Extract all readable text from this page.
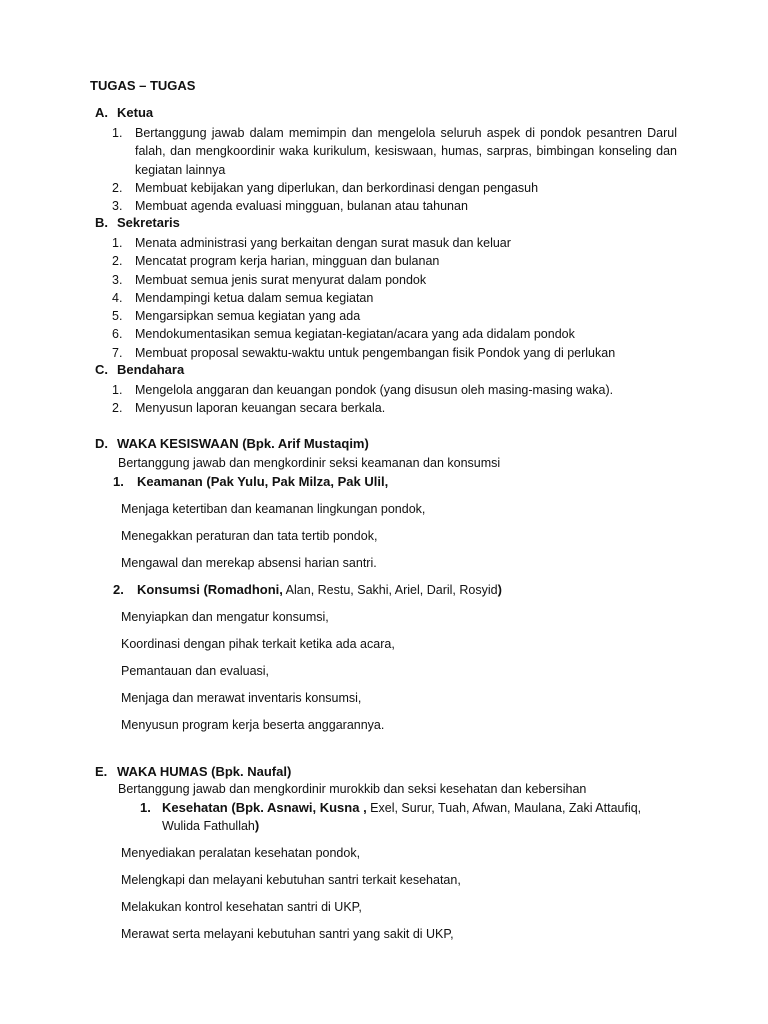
TUGAS – TUGAS
A. Ketua
1. Bertanggung jawab dalam memimpin dan mengelola seluruh aspek di pondok pesantren Darul falah, dan mengkoordinir waka kurikulum, kesiswaan, humas, sarpras, bimbingan konseling dan kegiatan lainnya
2. Membuat kebijakan yang diperlukan, dan berkordinasi dengan pengasuh
3. Membuat agenda evaluasi mingguan, bulanan atau tahunan
B. Sekretaris
1. Menata administrasi yang berkaitan dengan surat masuk dan keluar
2. Mencatat program kerja harian, mingguan dan bulanan
3. Membuat semua jenis surat menyurat dalam pondok
4. Mendampingi ketua dalam semua kegiatan
5. Mengarsipkan semua kegiatan yang ada
6. Mendokumentasikan semua kegiatan-kegiatan/acara yang ada didalam pondok
7. Membuat proposal sewaktu-waktu untuk pengembangan fisik Pondok yang di perlukan
C. Bendahara
1. Mengelola anggaran dan keuangan pondok (yang disusun oleh masing-masing waka).
2. Menyusun laporan keuangan secara berkala.
D. WAKA KESISWAAN (Bpk. Arif Mustaqim)
Bertanggung jawab dan mengkordinir seksi keamanan dan konsumsi
1. Keamanan (Pak Yulu, Pak Milza, Pak Ulil,
Menjaga ketertiban dan keamanan lingkungan pondok,
Menegakkan peraturan dan tata tertib pondok,
Mengawal dan merekap absensi harian santri.
2. Konsumsi (Romadhoni, Alan, Restu, Sakhi, Ariel, Daril, Rosyid)
Menyiapkan dan mengatur konsumsi,
Koordinasi dengan pihak terkait ketika ada acara,
Pemantauan dan evaluasi,
Menjaga dan merawat inventaris konsumsi,
Menyusun program kerja beserta anggarannya.
E. WAKA HUMAS (Bpk. Naufal)
Bertanggung jawab dan mengkordinir murokkib dan seksi kesehatan dan kebersihan
1. Kesehatan (Bpk. Asnawi, Kusna , Exel, Surur, Tuah, Afwan, Maulana, Zaki Attaufiq,
Wulida Fathullah)
Menyediakan peralatan kesehatan pondok,
Melengkapi dan melayani kebutuhan santri terkait kesehatan,
Melakukan kontrol kesehatan santri di UKP,
Merawat serta melayani kebutuhan santri yang sakit di UKP,
